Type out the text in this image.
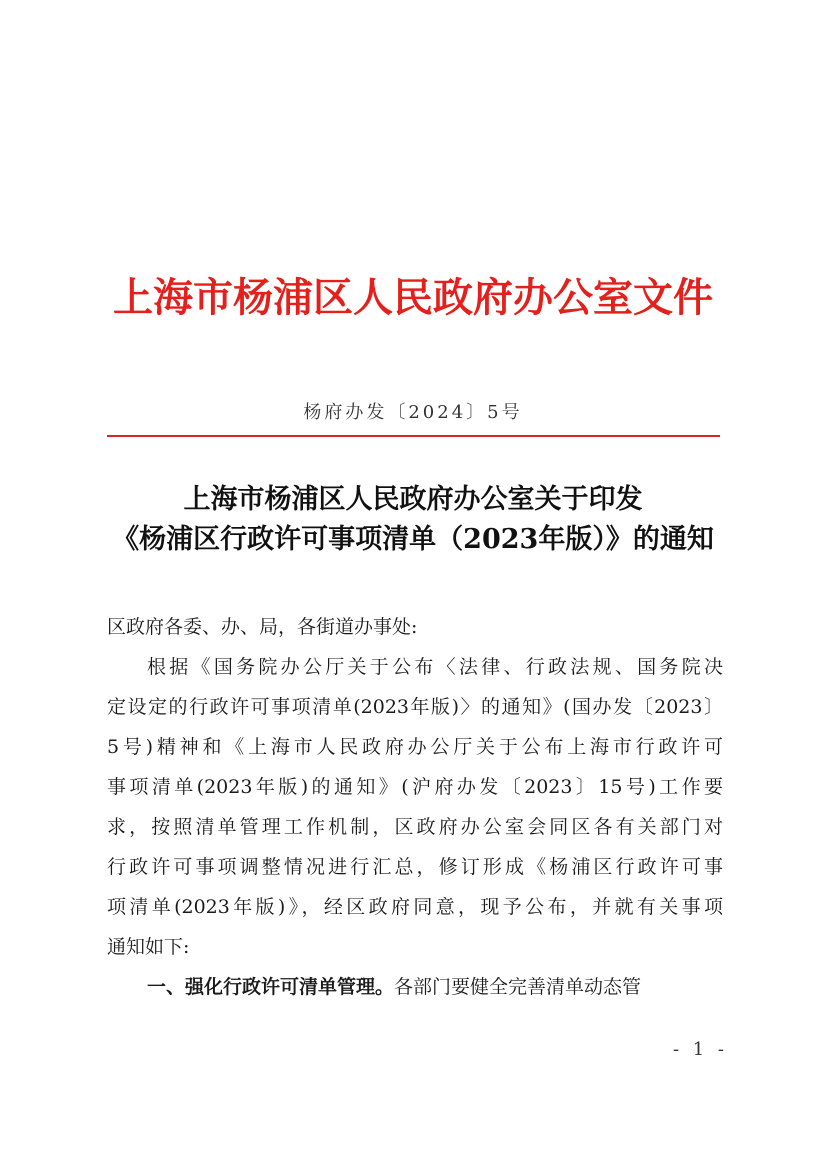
上海市杨浦区人民政府办公室文件
杨府办发〔2024〕5号
上海市杨浦区人民政府办公室关于印发
《杨浦区行政许可事项清单（2023年版）》的通知
区政府各委、办、局，各街道办事处:
根据《国务院办公厅关于公布〈法律、行政法规、国务院决
定设定的行政许可事项清单(2023年版)〉的通知》(国办发〔2023〕
5号)精神和《上海市人民政府办公厅关于公布上海市行政许可
事项清单(2023年版)的通知》(沪府办发〔2023〕15号)工作要
求，按照清单管理工作机制，区政府办公室会同区各有关部门对
行政许可事项调整情况进行汇总，修订形成《杨浦区行政许可事
项清单(2023年版)》，经区政府同意，现予公布，并就有关事项
通知如下:
一、强化行政许可清单管理。各部门要健全完善清单动态管
- 1 -
